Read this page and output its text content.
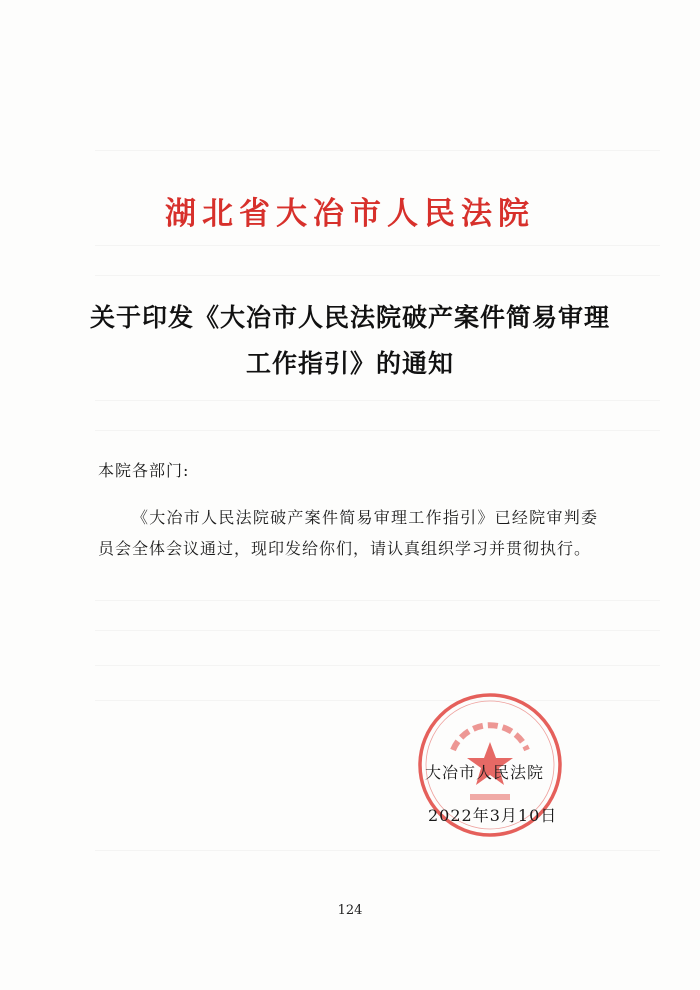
湖北省大冶市人民法院
关于印发《大冶市人民法院破产案件简易审理
工作指引》的通知
本院各部门:
《大冶市人民法院破产案件简易审理工作指引》已经院审判委员会全体会议通过，现印发给你们，请认真组织学习并贯彻执行。
大冶市人民法院
2022年3月10日
124
